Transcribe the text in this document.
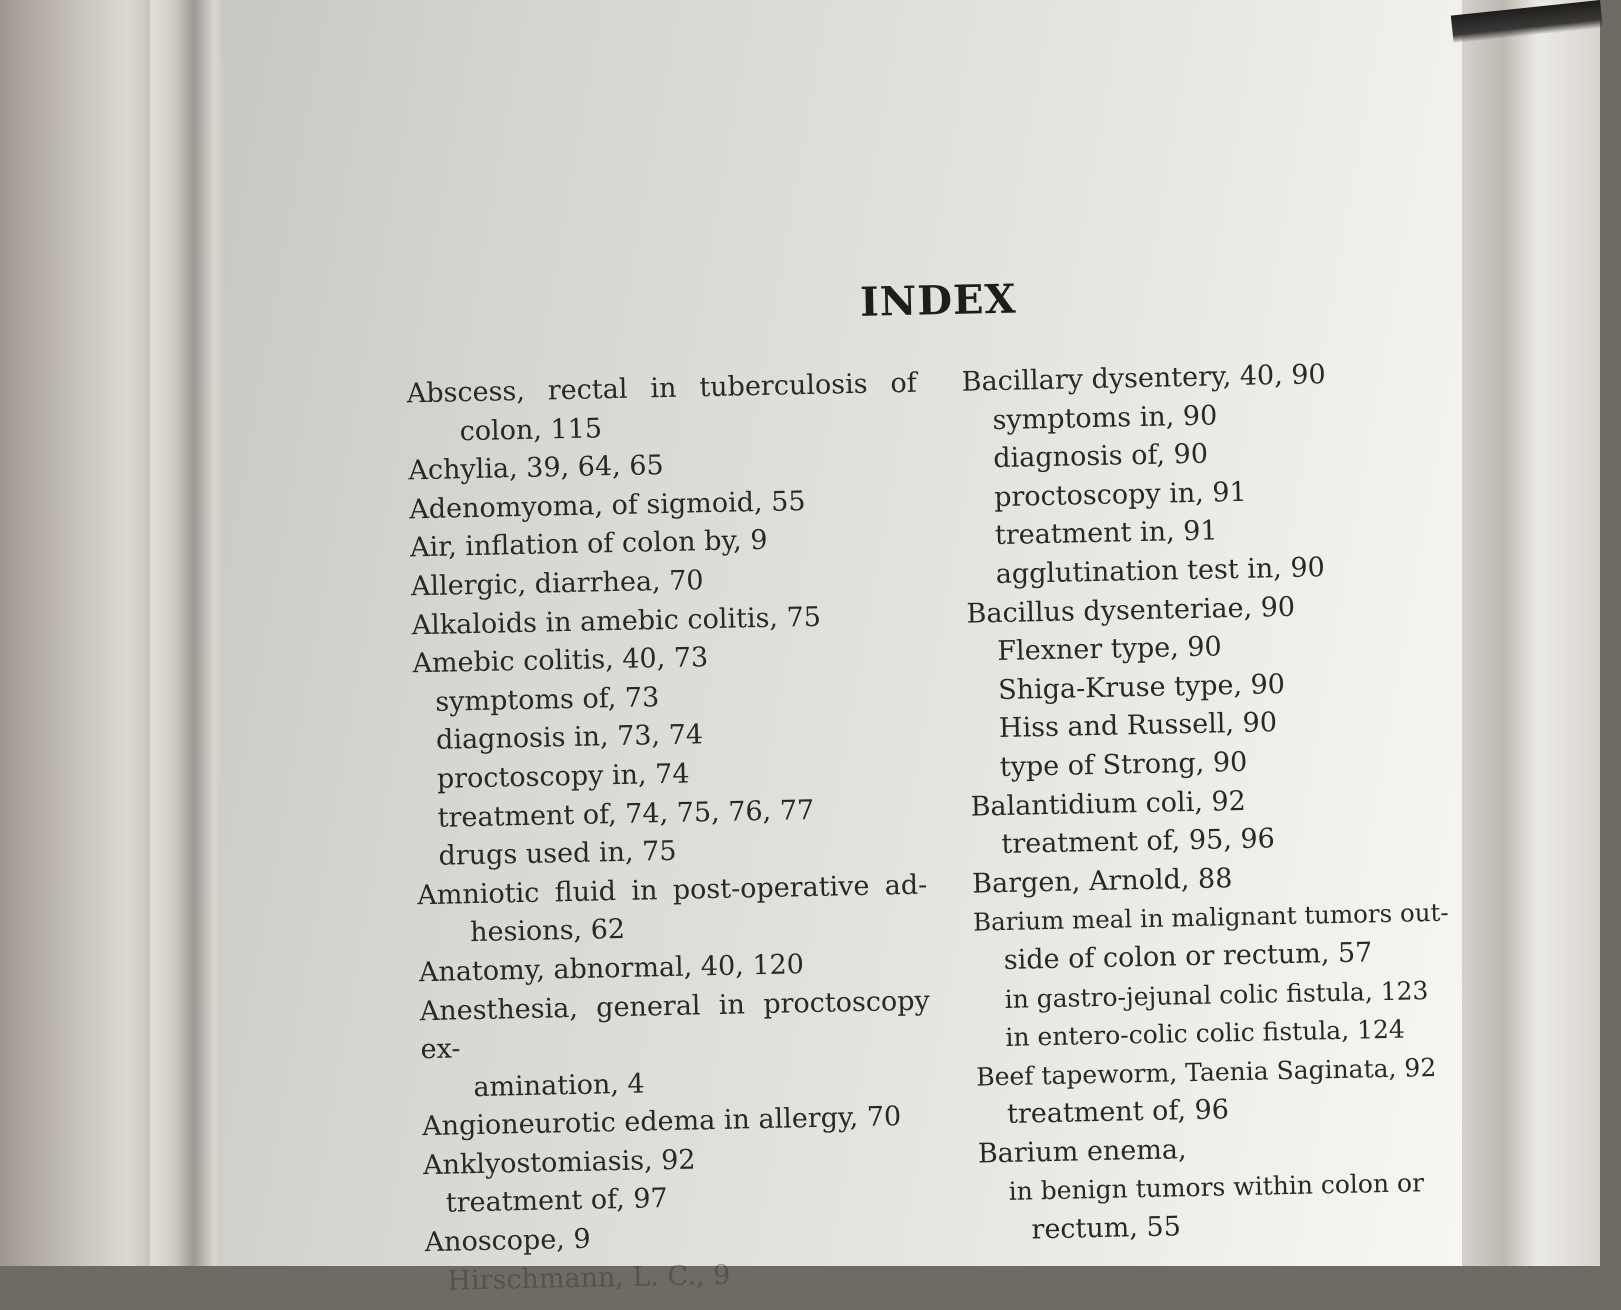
INDEX
Abscess, rectal in tuberculosis of
colon, 115
Achylia, 39, 64, 65
Adenomyoma, of sigmoid, 55
Air, inflation of colon by, 9
Allergic, diarrhea, 70
Alkaloids in amebic colitis, 75
Amebic colitis, 40, 73
symptoms of, 73
diagnosis in, 73, 74
proctoscopy in, 74
treatment of, 74, 75, 76, 77
drugs used in, 75
Amniotic fluid in post-operative ad-
hesions, 62
Anatomy, abnormal, 40, 120
Anesthesia, general in proctoscopy ex-
amination, 4
Angioneurotic edema in allergy, 70
Anklyostomiasis, 92
treatment of, 97
Anoscope, 9
Hirschmann, L. C., 9
Bacillary dysentery, 40, 90
symptoms in, 90
diagnosis of, 90
proctoscopy in, 91
treatment in, 91
agglutination test in, 90
Bacillus dysenteriae, 90
Flexner type, 90
Shiga-Kruse type, 90
Hiss and Russell, 90
type of Strong, 90
Balantidium coli, 92
treatment of, 95, 96
Bargen, Arnold, 88
Barium meal in malignant tumors out-
side of colon or rectum, 57
in gastro-jejunal colic fistula, 123
in entero-colic colic fistula, 124
Beef tapeworm, Taenia Saginata, 92
treatment of, 96
Barium enema,
in benign tumors within colon or
rectum, 55
